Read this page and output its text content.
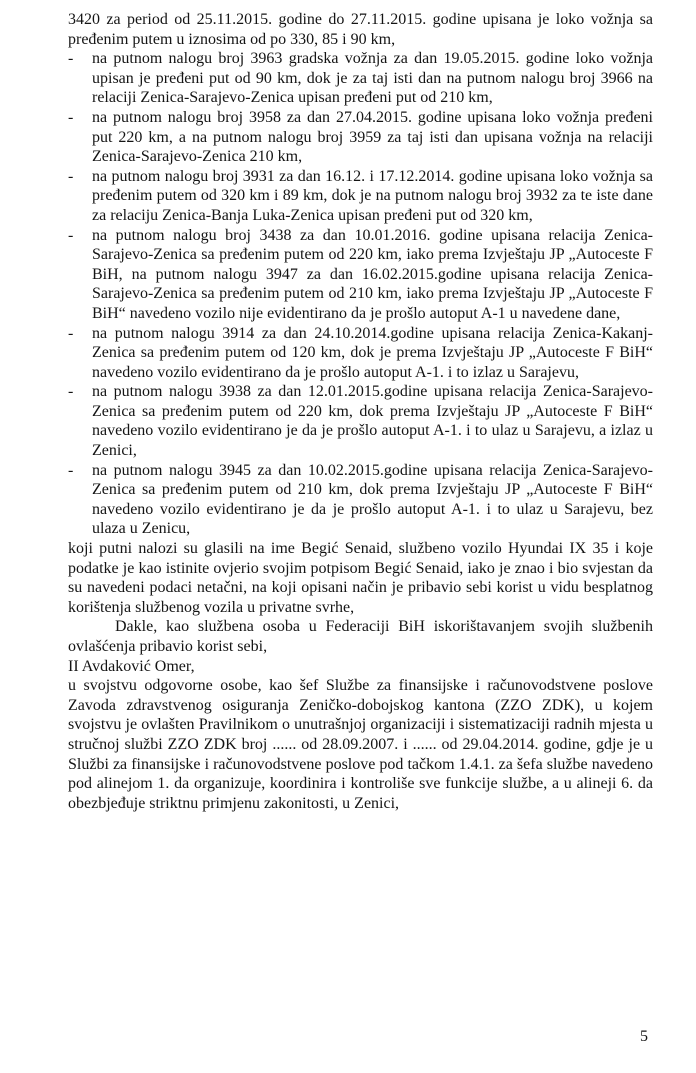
3420 za period od 25.11.2015. godine do 27.11.2015. godine upisana je loko vožnja sa pređenim putem u iznosima od po 330, 85 i 90 km,

- na putnom nalogu broj 3963 gradska vožnja za dan 19.05.2015. godine loko vožnja upisan je pređeni put od 90 km, dok je za taj isti dan na putnom nalogu broj 3966 na relaciji Zenica-Sarajevo-Zenica upisan pređeni put od 210 km,
- na putnom nalogu broj 3958 za dan 27.04.2015. godine upisana loko vožnja pređeni put 220 km, a na putnom nalogu broj 3959 za taj isti dan upisana vožnja na relaciji Zenica-Sarajevo-Zenica 210 km,
- na putnom nalogu broj 3931 za dan 16.12. i 17.12.2014. godine upisana loko vožnja sa pređenim putem od 320 km i 89 km, dok je na putnom nalogu broj 3932 za te iste dane za relaciju Zenica-Banja Luka-Zenica upisan pređeni put od 320 km,
- na putnom nalogu broj 3438 za dan 10.01.2016. godine upisana relacija Zenica-Sarajevo-Zenica sa pređenim putem od 220 km, iako prema Izvještaju JP „Autoceste F BiH, na putnom nalogu 3947 za dan 16.02.2015.godine upisana relacija Zenica-Sarajevo-Zenica sa pređenim putem od 210 km, iako prema Izvještaju JP „Autoceste F BiH“ navedeno vozilo nije evidentirano da je prošlo autoput A-1 u navedene dane,
- na putnom nalogu 3914 za dan 24.10.2014.godine upisana relacija Zenica-Kakanj-Zenica sa pređenim putem od 120 km, dok je prema Izvještaju JP „Autoceste F BiH“ navedeno vozilo evidentirano da je prošlo autoput A-1. i to izlaz u Sarajevu,
- na putnom nalogu 3938 za dan 12.01.2015.godine upisana relacija Zenica-Sarajevo-Zenica sa pređenim putem od 220 km, dok prema Izvještaju JP „Autoceste F BiH“ navedeno vozilo evidentirano je da je prošlo autoput A-1. i to ulaz u Sarajevu, a izlaz u Zenici,
- na putnom nalogu 3945 za dan 10.02.2015.godine upisana relacija Zenica-Sarajevo-Zenica sa pređenim putem od 210 km, dok prema Izvještaju JP „Autoceste F BiH“ navedeno vozilo evidentirano je da je prošlo autoput A-1. i to ulaz u Sarajevu, bez ulaza u Zenicu,

koji putni nalozi su glasili na ime Begić Senaid, službeno vozilo Hyundai IX 35 i koje podatke je kao istinite ovjerio svojim potpisom Begić Senaid, iako je znao i bio svjestan da su navedeni podaci netačni, na koji opisani način je pribavio sebi korist u vidu besplatnog korištenja službenog vozila u privatne svrhe,

Dakle, kao službena osoba u Federaciji BiH iskorištavanjem svojih službenih ovlašćenja pribavio korist sebi,

II Avdaković Omer,

u svojstvu odgovorne osobe, kao šef Službe za finansijske i računovodstvene poslove Zavoda zdravstvenog osiguranja Zeničko-dobojskog kantona (ZZO ZDK), u kojem svojstvu je ovlašten Pravilnikom o unutrašnjoj organizaciji i sistematizaciji radnih mjesta u stručnoj službi ZZO ZDK broj ...... od 28.09.2007. i ...... od 29.04.2014. godine, gdje je u Službi za finansijske i računovodstvene poslove pod tačkom 1.4.1. za šefa službe navedeno pod alinejom 1. da organizuje, koordinira i kontroliše sve funkcije službe, a u alineji 6. da obezbjeđuje striktnu primjenu zakonitosti, u Zenici,

5
